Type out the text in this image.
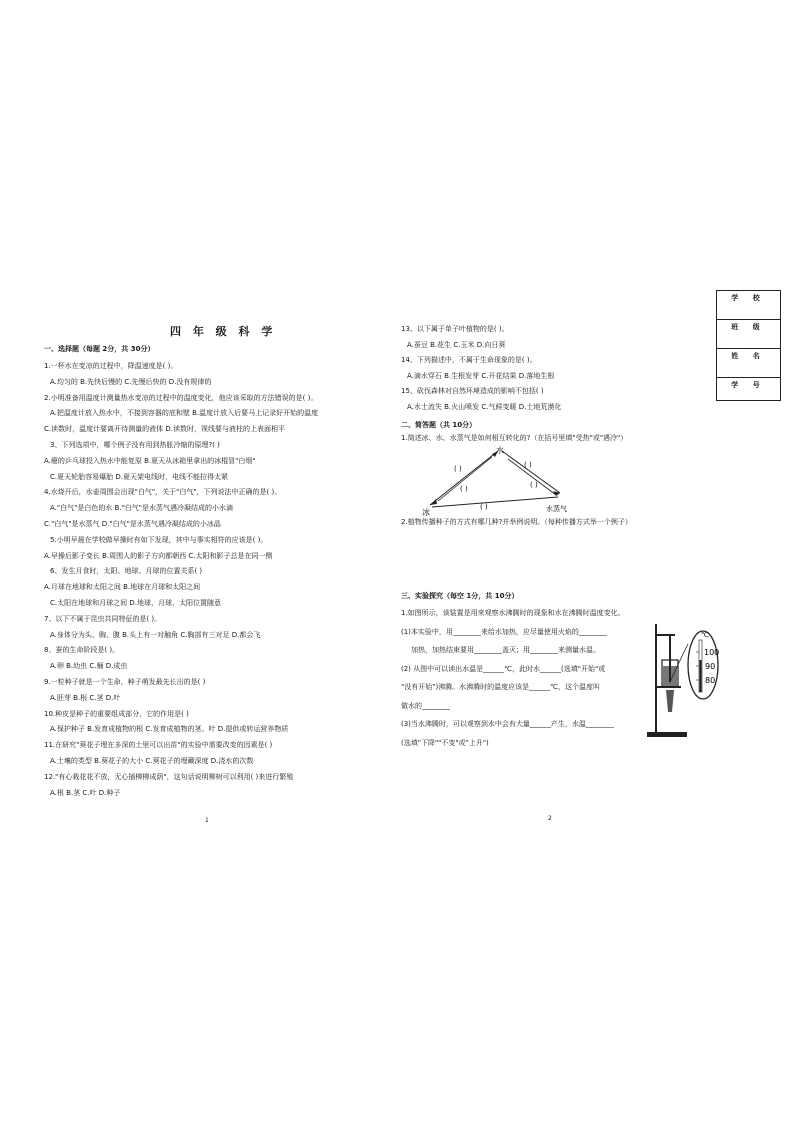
学 校
班 级
姓 名
学 号
四 年 级 科 学
一、选择题（每题 2分，共 30分）
1.一杯水在变凉的过程中，降温速度是( )。
A.均匀的 B.先快后慢的 C.先慢后快的 D.没有规律的
2.小明准备用温度计测量热水变凉的过程中的温度变化，他应该采取的方法错误的是( )。
A.把温度计放入热水中，不接到容器的底和壁 B.温度计放入后要马上记录好开始的温度
C.读数时，温度计要离开待测量的液体 D.读数时，视线要与液柱的上表面相平
3、下列选项中，哪个例子没有用到热胀冷缩的原理?( )
A.瘪的乒乓球投入热水中能复原 B.夏天从冰箱里拿出的冰棍冒"白烟"
C.夏天轮胎容易爆胎 D.夏天架电线时，电线不能拉得太紧
4.水烧开后，水壶周围会出现"白气"，关于"白气"，下列说法中正确的是( )。
A."白气"是白色的水 B."白气"是水蒸气遇冷凝结成的小水滴
C."白气"是水蒸气 D."白气"是水蒸气遇冷凝结成的小冰晶
5.小明早晨在学校做早操时有如下发现，其中与事实相符的应该是( )。
A.早操后影子变长 B.周围人的影子方向都朝西 C.太阳和影子总是在同一侧
6、发生月食时，太阳、地球、月球的位置关系( )
A.月球在地球和太阳之间 B.地球在月球和太阳之间
C.太阳在地球和月球之间 D.地球、月球、太阳位置随意
7、以下不属于昆虫共同特征的是( )。
A.身体分为头、胸、腹 B.头上有一对触角 C.胸部有三对足 D.都会飞
8、蚕的生命阶段是( )。
A.卵 B.幼虫 C.蛹 D.成虫
9.一粒种子就是一个生命，种子萌发最先长出的是( )
A.胚芽 B.根 C.茎 D.叶
10.种皮是种子的重要组成部分，它的作用是( )
A.保护种子 B.发育成植物的根 C.发育成植物的茎、叶 D.提供或转运营养物质
11.在研究"葵花子埋在多深的土里可以出苗"的实验中需要改变的因素是( )
A.土壤的类型 B.葵花子的大小 C.葵花子的埋藏深度 D.浇水的次数
12."有心栽花花不放，无心插柳柳成荫"，这句话说明柳树可以利用( )来进行繁殖
A.根 B.茎 C.叶 D.种子
1
13、以下属于单子叶植物的是( )。
A.蚕豆 B.花生 C.玉米 D.向日葵
14、下列描述中，不属于生命现象的是( )。
A.滴水穿石 B.生根发芽 C.开花结果 D.落地生根
15、砍伐森林对自然环境造成的影响不包括( )
A.水土流失 B.火山喷发 C.气候变暖 D.土地荒漠化
二、简答题（共 10分）
1.简述冰、水、水蒸气是如何相互转化的?（在括号里填"受热"或"遇冷"）
水
冰	水蒸气
( )	( )
( )	( )
( )
2.植物传播种子的方式有哪几种?并举例说明。（每种传播方式举一个例子）
三、实验探究（每空 1分，共 10分）
1.如图所示，该装置是用来观察水沸腾时的现象和水在沸腾时温度变化。
(1)本实验中，用________来给水加热，应尽量使用火焰的________
加热，加热结束要用________盖灭；用________来测量水温。
(2) 从图中可以读出水温是______℃，此时水______(选填"开始"或
"没有开始")沸腾。水沸腾时的温度应该是______℃，这个温度叫
做水的________
(3)当水沸腾时，可以观察到水中会有大量______产生，水温________
(选填"下降""不变"或"上升")
℃
100
90
80
2
